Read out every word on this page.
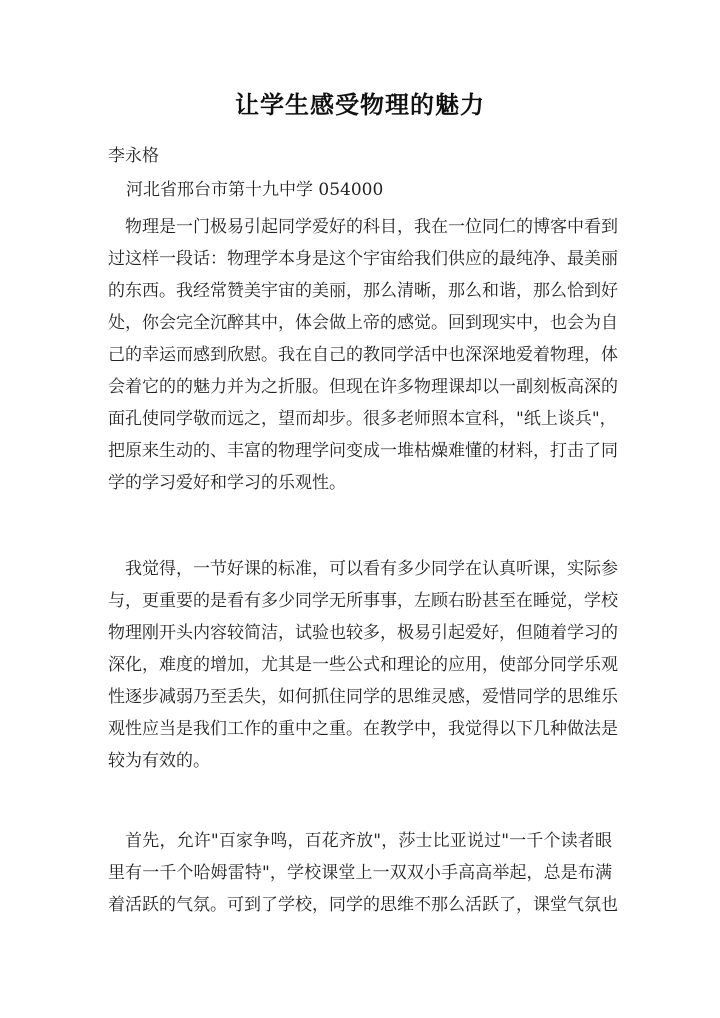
让学生感受物理的魅力
李永格
河北省邢台市第十九中学 054000
　物理是一门极易引起同学爱好的科目，我在一位同仁的博客中看到
过这样一段话：物理学本身是这个宇宙给我们供应的最纯净、最美丽
的东西。我经常赞美宇宙的美丽，那么清晰，那么和谐，那么恰到好
处，你会完全沉醉其中，体会做上帝的感觉。回到现实中，也会为自
己的幸运而感到欣慰。我在自己的教同学活中也深深地爱着物理，体
会着它的的魅力并为之折服。但现在许多物理课却以一副刻板高深的
面孔使同学敬而远之，望而却步。很多老师照本宣科，"纸上谈兵"，
把原来生动的、丰富的物理学问变成一堆枯燥难懂的材料，打击了同
学的学习爱好和学习的乐观性。
　我觉得，一节好课的标准，可以看有多少同学在认真听课，实际参
与，更重要的是看有多少同学无所事事，左顾右盼甚至在睡觉，学校
物理刚开头内容较简洁，试验也较多，极易引起爱好，但随着学习的
深化，难度的增加，尤其是一些公式和理论的应用，使部分同学乐观
性逐步减弱乃至丢失，如何抓住同学的思维灵感，爱惜同学的思维乐
观性应当是我们工作的重中之重。在教学中，我觉得以下几种做法是
较为有效的。
　首先，允许"百家争鸣，百花齐放"，莎士比亚说过"一千个读者眼
里有一千个哈姆雷特"，学校课堂上一双双小手高高举起，总是布满
着活跃的气氛。可到了学校，同学的思维不那么活跃了，课堂气氛也
